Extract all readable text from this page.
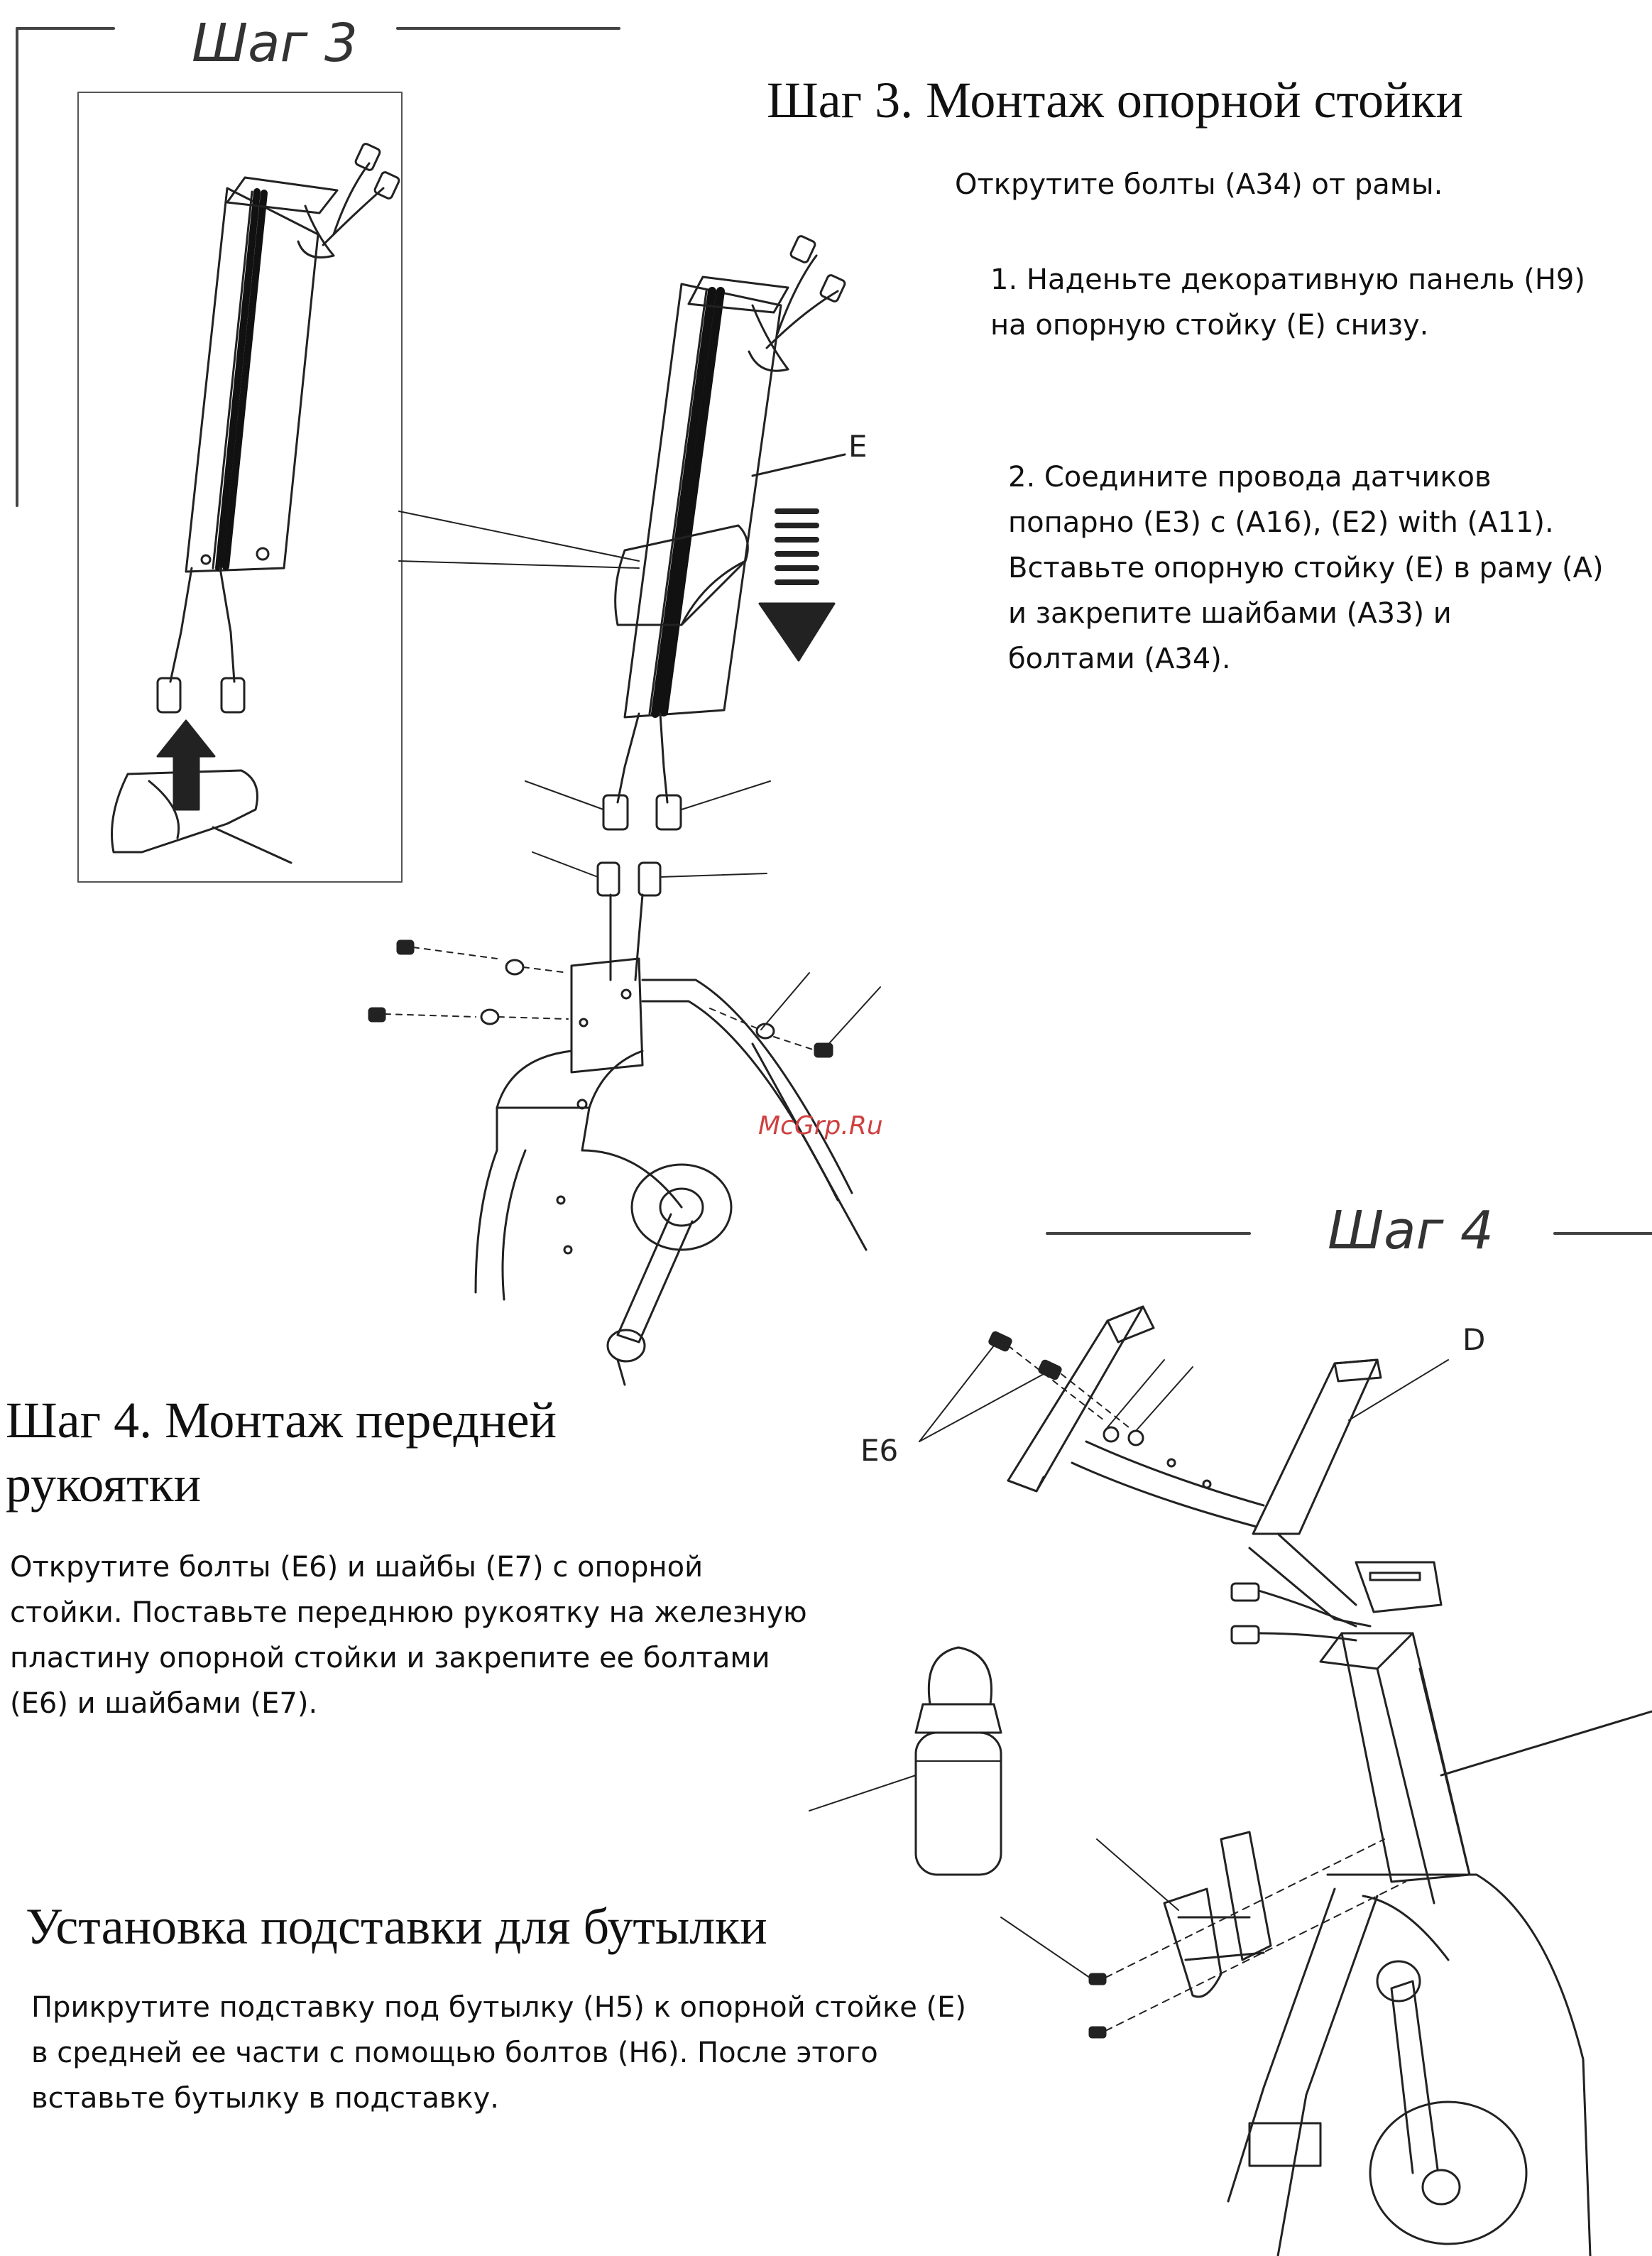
Шаг 3
Шаг 3. Монтаж опорной стойки
Открутите болты (A34) от рамы.

1. Наденьте декоративную панель (H9)

на опорную стойку (E) снизу.

2. Соедините провода датчиков

попарно (E3) с (A16), (E2) with (A11).

Вставьте опорную стойку (E) в раму (A)

и закрепите шайбами (A33) и

болтами (A34).

E
McGrp.Ru
Шаг 4
D
E6
Шаг 4. Монтаж передней
рукоятки

Открутите болты (E6) и шайбы (E7) с опорной

стойки. Поставьте переднюю рукоятку на железную

пластину опорной стойки и закрепите ее болтами

(E6) и шайбами (E7).

Установка подставки для бутылки

Прикрутите подставку под бутылку (H5) к опорной стойке (E)

в средней ее части с помощью болтов (H6). После этого

вставьте бутылку в подставку.
